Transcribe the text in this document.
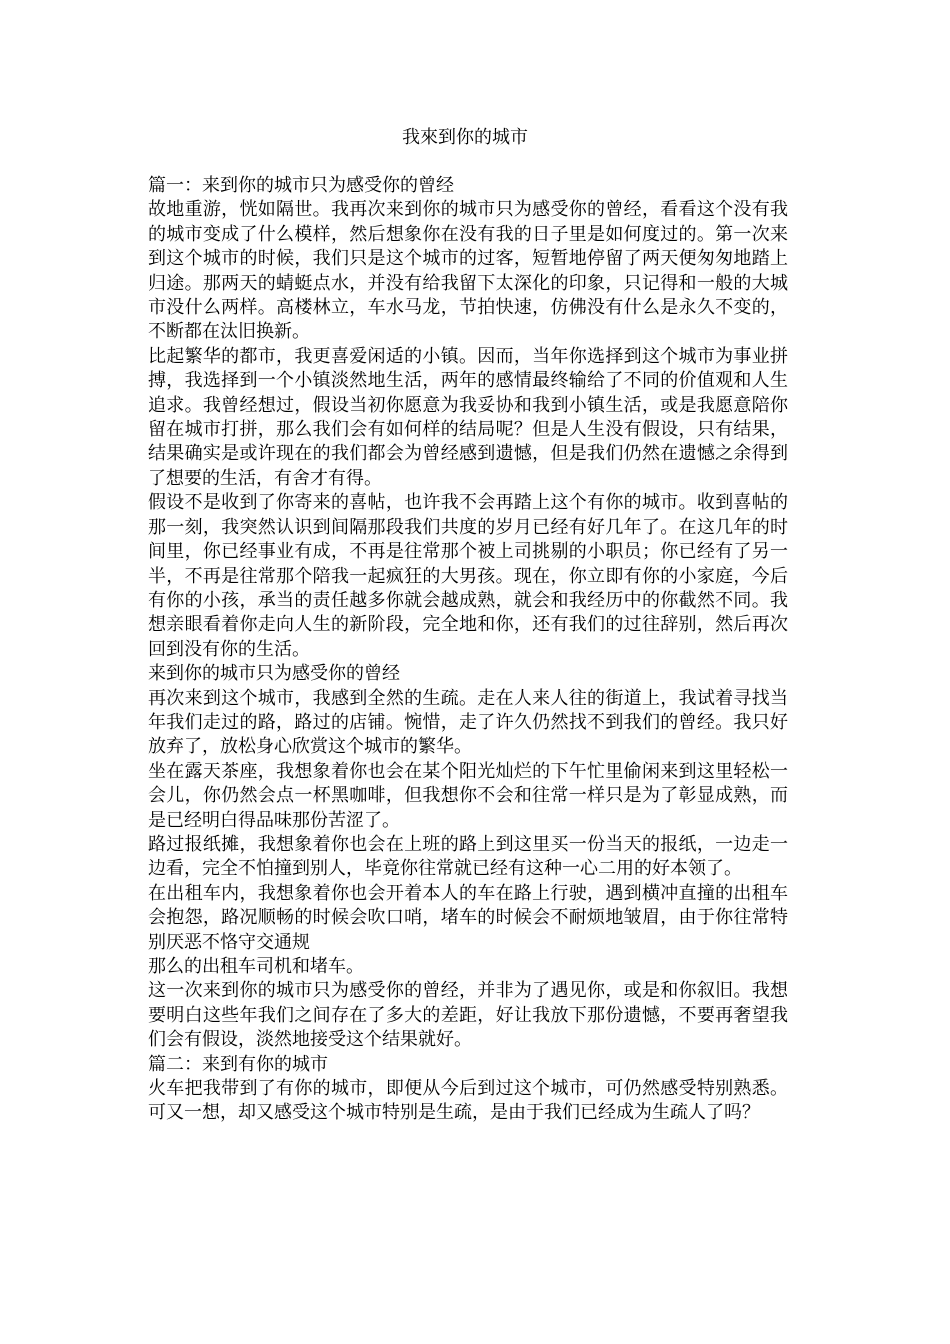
我來到你的城市

篇一：来到你的城市只为感受你的曾经

故地重游，恍如隔世。我再次来到你的城市只为感受你的曾经，看看这个没有我的城市变成了什么模样，然后想象你在没有我的日子里是如何度过的。第一次来到这个城市的时候，我们只是这个城市的过客，短暂地停留了两天便匆匆地踏上归途。那两天的蜻蜓点水，并没有给我留下太深化的印象，只记得和一般的大城市没什么两样。高楼林立，车水马龙，节拍快速，仿佛没有什么是永久不变的，不断都在汰旧换新。

比起繁华的都市，我更喜爱闲适的小镇。因而，当年你选择到这个城市为事业拼搏，我选择到一个小镇淡然地生活，两年的感情最终输给了不同的价值观和人生追求。我曾经想过，假设当初你愿意为我妥协和我到小镇生活，或是我愿意陪你留在城市打拼，那么我们会有如何样的结局呢？但是人生没有假设，只有结果，结果确实是或许现在的我们都会为曾经感到遗憾，但是我们仍然在遗憾之余得到了想要的生活，有舍才有得。

假设不是收到了你寄来的喜帖，也许我不会再踏上这个有你的城市。收到喜帖的那一刻，我突然认识到间隔那段我们共度的岁月已经有好几年了。在这几年的时间里，你已经事业有成，不再是往常那个被上司挑剔的小职员；你已经有了另一半，不再是往常那个陪我一起疯狂的大男孩。现在，你立即有你的小家庭，今后有你的小孩，承当的责任越多你就会越成熟，就会和我经历中的你截然不同。我想亲眼看着你走向人生的新阶段，完全地和你，还有我们的过往辞别，然后再次回到没有你的生活。

来到你的城市只为感受你的曾经

再次来到这个城市，我感到全然的生疏。走在人来人往的街道上，我试着寻找当年我们走过的路，路过的店铺。惋惜，走了许久仍然找不到我们的曾经。我只好放弃了，放松身心欣赏这个城市的繁华。

坐在露天茶座，我想象着你也会在某个阳光灿烂的下午忙里偷闲来到这里轻松一会儿，你仍然会点一杯黑咖啡，但我想你不会和往常一样只是为了彰显成熟，而是已经明白得品味那份苦涩了。

路过报纸摊，我想象着你也会在上班的路上到这里买一份当天的报纸，一边走一边看，完全不怕撞到别人，毕竟你往常就已经有这种一心二用的好本领了。

在出租车内，我想象着你也会开着本人的车在路上行驶，遇到横冲直撞的出租车会抱怨，路况顺畅的时候会吹口哨，堵车的时候会不耐烦地皱眉，由于你往常特别厌恶不恪守交通规

那么的出租车司机和堵车。

这一次来到你的城市只为感受你的曾经，并非为了遇见你，或是和你叙旧。我想要明白这些年我们之间存在了多大的差距，好让我放下那份遗憾，不要再奢望我们会有假设，淡然地接受这个结果就好。

篇二：来到有你的城市

火车把我带到了有你的城市，即便从今后到过这个城市，可仍然感受特别熟悉。 可又一想，却又感受这个城市特别是生疏，是由于我们已经成为生疏人了吗？
